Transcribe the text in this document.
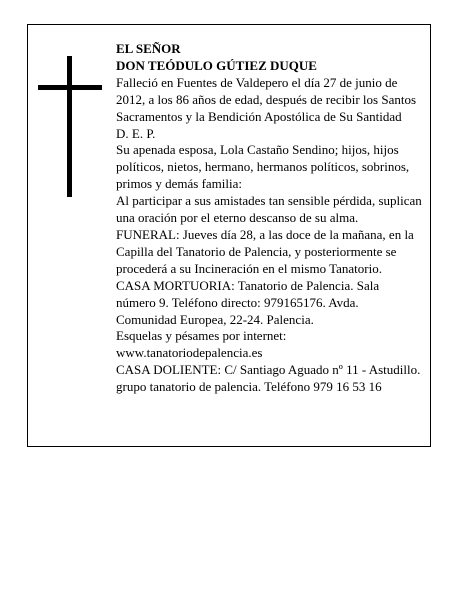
EL SEÑOR

DON TEÓDULO GÚTIEZ DUQUE

Falleció en Fuentes de Valdepero el día 27 de junio de 2012, a los 86 años de edad, después de recibir los Santos Sacramentos y la Bendición Apostólica de Su Santidad

D. E. P.

Su apenada esposa, Lola Castaño Sendino; hijos, hijos políticos, nietos, hermano, hermanos políticos, sobrinos, primos y demás familia:

Al participar a sus amistades tan sensible pérdida, suplican una oración por el eterno descanso de su alma.

FUNERAL: Jueves día 28, a las doce de la mañana, en la Capilla del Tanatorio de Palencia, y posteriormente se procederá a su Incineración en el mismo Tanatorio.

CASA MORTUORIA: Tanatorio de Palencia. Sala número 9. Teléfono directo: 979165176. Avda. Comunidad Europea, 22-24. Palencia.

Esquelas y pésames por internet: www.tanatoriodepalencia.es

CASA DOLIENTE: C/ Santiago Aguado nº 11 - Astudillo.

grupo tanatorio de palencia. Teléfono 979 16 53 16
